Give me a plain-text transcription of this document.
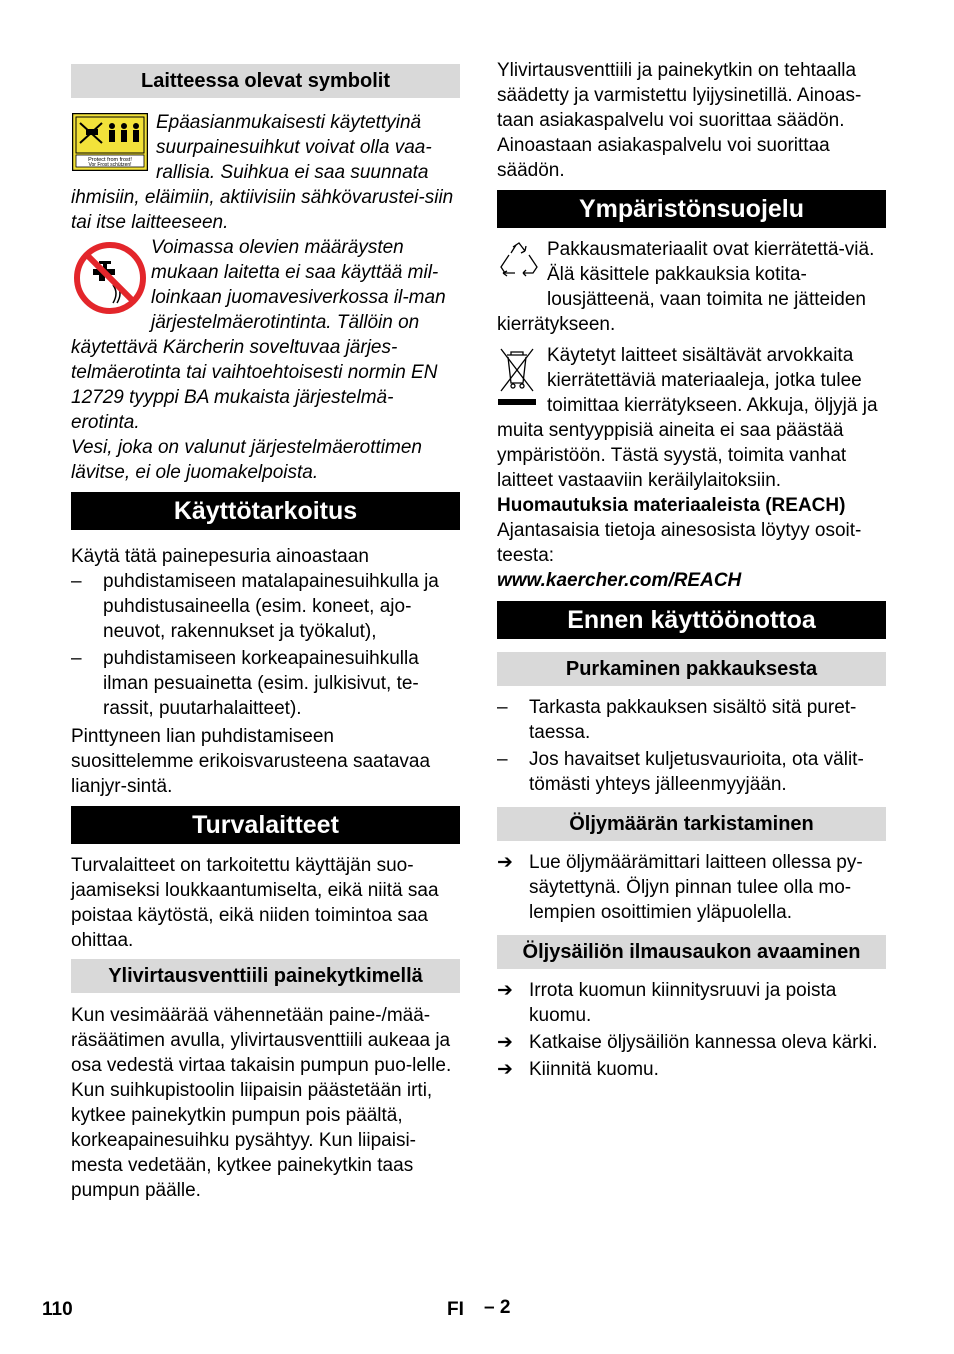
Laitteessa olevat symbolit
Protect from frost!
Vor Frost schützen!

Epäasianmukaisesti käytettyinä suurpainesuihkut voivat olla vaa-rallisia. Suihkua ei saa suunnata ihmisiin, eläimiin, aktiivisiin sähkövarustei-siin tai itse laitteeseen.

Voimassa olevien määräysten mukaan laitetta ei saa käyttää mil-loinkaan juomavesiverkossa il-man järjestelmäerotintinta. Tällöin on käytettävä Kärcherin soveltuvaa järjes-telmäerotinta tai vaihtoehtoisesti normin EN 12729 tyyppi BA mukaista järjestelmä-erotinta.

Vesi, joka on valunut järjestelmäerottimen lävitse, ei ole juomakelpoista.

Käyttötarkoitus

Käytä tätä painepesuria ainoastaan

–	puhdistamiseen matalapainesuihkulla ja puhdistusaineella (esim. koneet, ajo-neuvot, rakennukset ja työkalut),
–	puhdistamiseen korkeapainesuihkulla ilman pesuainetta (esim. julkisivut, te-rassit, puutarhalaitteet).

Pinttyneen lian puhdistamiseen suosittelemme erikoisvarusteena saatavaa lianjyr-sintä.

Turvalaitteet

Turvalaitteet on tarkoitettu käyttäjän suo-jaamiseksi loukkaantumiselta, eikä niitä saa poistaa käytöstä, eikä niiden toimintoa saa ohittaa.

Ylivirtausventtiili painekytkimellä

Kun vesimäärää vähennetään paine-/mää-räsäätimen avulla, ylivirtausventtiili aukeaa ja osa vedestä virtaa takaisin pumpun puo-lelle.

Kun suihkupistoolin liipaisin päästetään irti, kytkee painekytkin pumpun pois päältä, korkeapainesuihku pysähtyy. Kun liipaisi-mesta vedetään, kytkee painekytkin taas pumpun päälle.

Ylivirtausventtiili ja painekytkin on tehtaalla säädetty ja varmistettu lyijysinetillä. Ainoas-taan asiakaspalvelu voi suorittaa säädön. Ainoastaan asiakaspalvelu voi suorittaa säädön.

Ympäristönsuojelu

Pakkausmateriaalit ovat kierrätettä-viä. Älä käsittele pakkauksia kotita-lousjätteenä, vaan toimita ne jätteiden kierrätykseen.

Käytetyt laitteet sisältävät arvokkaita kierrätettäviä materiaaleja, jotka tulee toimittaa kierrätykseen. Akkuja, öljyjä ja muita sentyyppisiä aineita ei saa päästää ympäristöön. Tästä syystä, toimita vanhat laitteet vastaaviin keräilylaitoksiin.

Huomautuksia materiaaleista (REACH)

Ajantasaisia tietoja ainesosista löytyy osoit-teesta:

www.kaercher.com/REACH

Ennen käyttöönottoa
Purkaminen pakkauksesta
–	Tarkasta pakkauksen sisältö sitä puret-taessa.
–	Jos havaitset kuljetusvaurioita, ota välit-tömästi yhteys jälleenmyyjään.
Öljymäärän tarkistaminen
➔ Lue öljymäärämittari laitteen ollessa py-säytettynä. Öljyn pinnan tulee olla mo-lempien osoittimien yläpuolella.
Öljysäiliön ilmausaukon avaaminen
➔ Irrota kuomun kiinnitysruuvi ja poista kuomu.
➔ Katkaise öljysäiliön kannessa oleva kärki.
➔ Kiinnitä kuomu.
110	FI – 2
